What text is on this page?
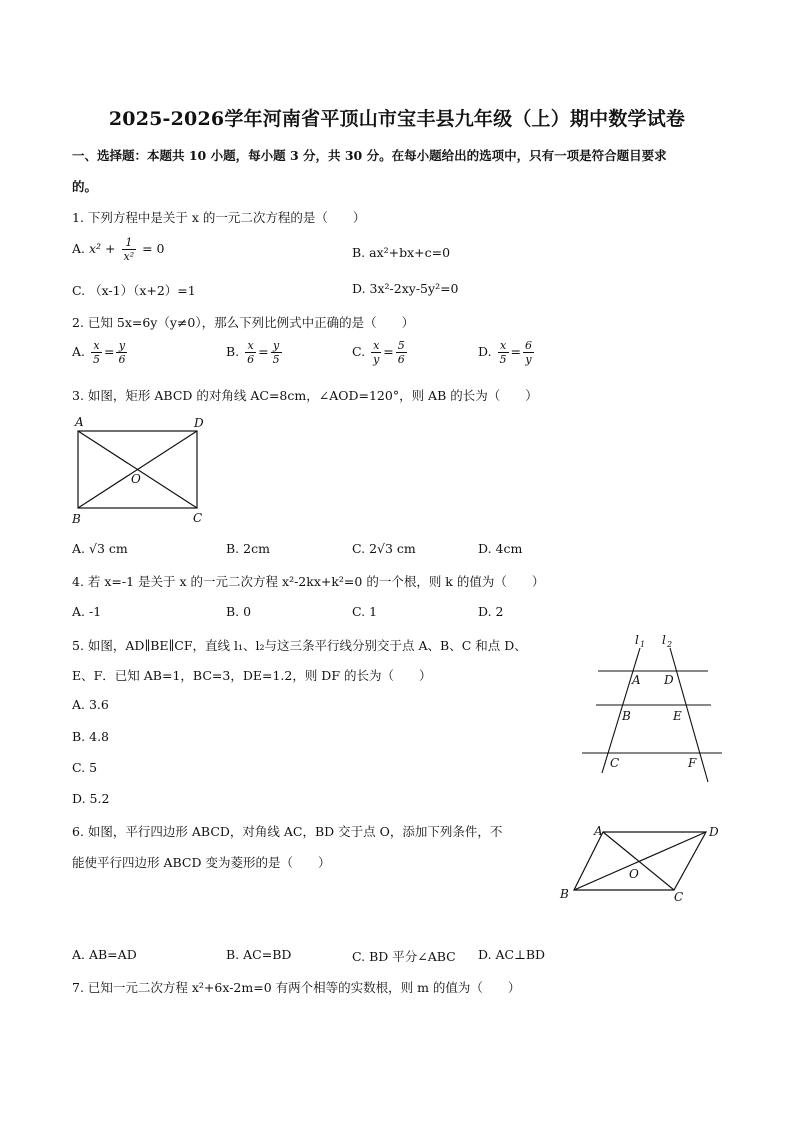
2025-2026学年河南省平顶山市宝丰县九年级（上）期中数学试卷
一、选择题：本题共 10 小题，每小题 3 分，共 30 分。在每小题给出的选项中，只有一项是符合题目要求
的。
1. 下列方程中是关于 x 的一元二次方程的是（　　）
A. $x^2 + \frac{1}{\text{x²}} = 0$	B. ax²+bx+c=0
C. （x-1）（x+2）=1	D. 3x²-2xy-5y²=0
2. 已知 5x=6y（y≠0），那么下列比例式中正确的是（　　）
A. $\frac{x}{5} = \frac{y}{6}$	B. $\frac{x}{6} = \frac{y}{5}$	C. $\frac{x}{y} = \frac{5}{6}$	D. $\frac{x}{5} = \frac{6}{y}$
3. 如图，矩形 ABCD 的对角线 AC=8cm，∠AOD=120°，则 AB 的长为（　　）
A	D
O
B	C
A. √3 cm	B. 2cm	C. 2√3 cm	D. 4cm
4. 若 x=-1 是关于 x 的一元二次方程 x²-2kx+k²=0 的一个根，则 k 的值为（　　）
A. -1	B. 0	C. 1	D. 2
5. 如图，AD∥BE∥CF，直线 l₁、l₂与这三条平行线分别交于点 A、B、C 和点 D、
E、F．已知 AB=1，BC=3，DE=1.2，则 DF 的长为（　　）
A. 3.6
B. 4.8
C. 5
D. 5.2
l 1 l 2
A D
B	E
C	F
6. 如图，平行四边形 ABCD，对角线 AC，BD 交于点 O，添加下列条件，不
能使平行四边形 ABCD 变为菱形的是（　　）
A	D
O
B	C
A. AB=AD	B. AC=BD	C. BD 平分∠ABC D. AC⊥BD
7. 已知一元二次方程 x²+6x-2m=0 有两个相等的实数根，则 m 的值为（　　）
